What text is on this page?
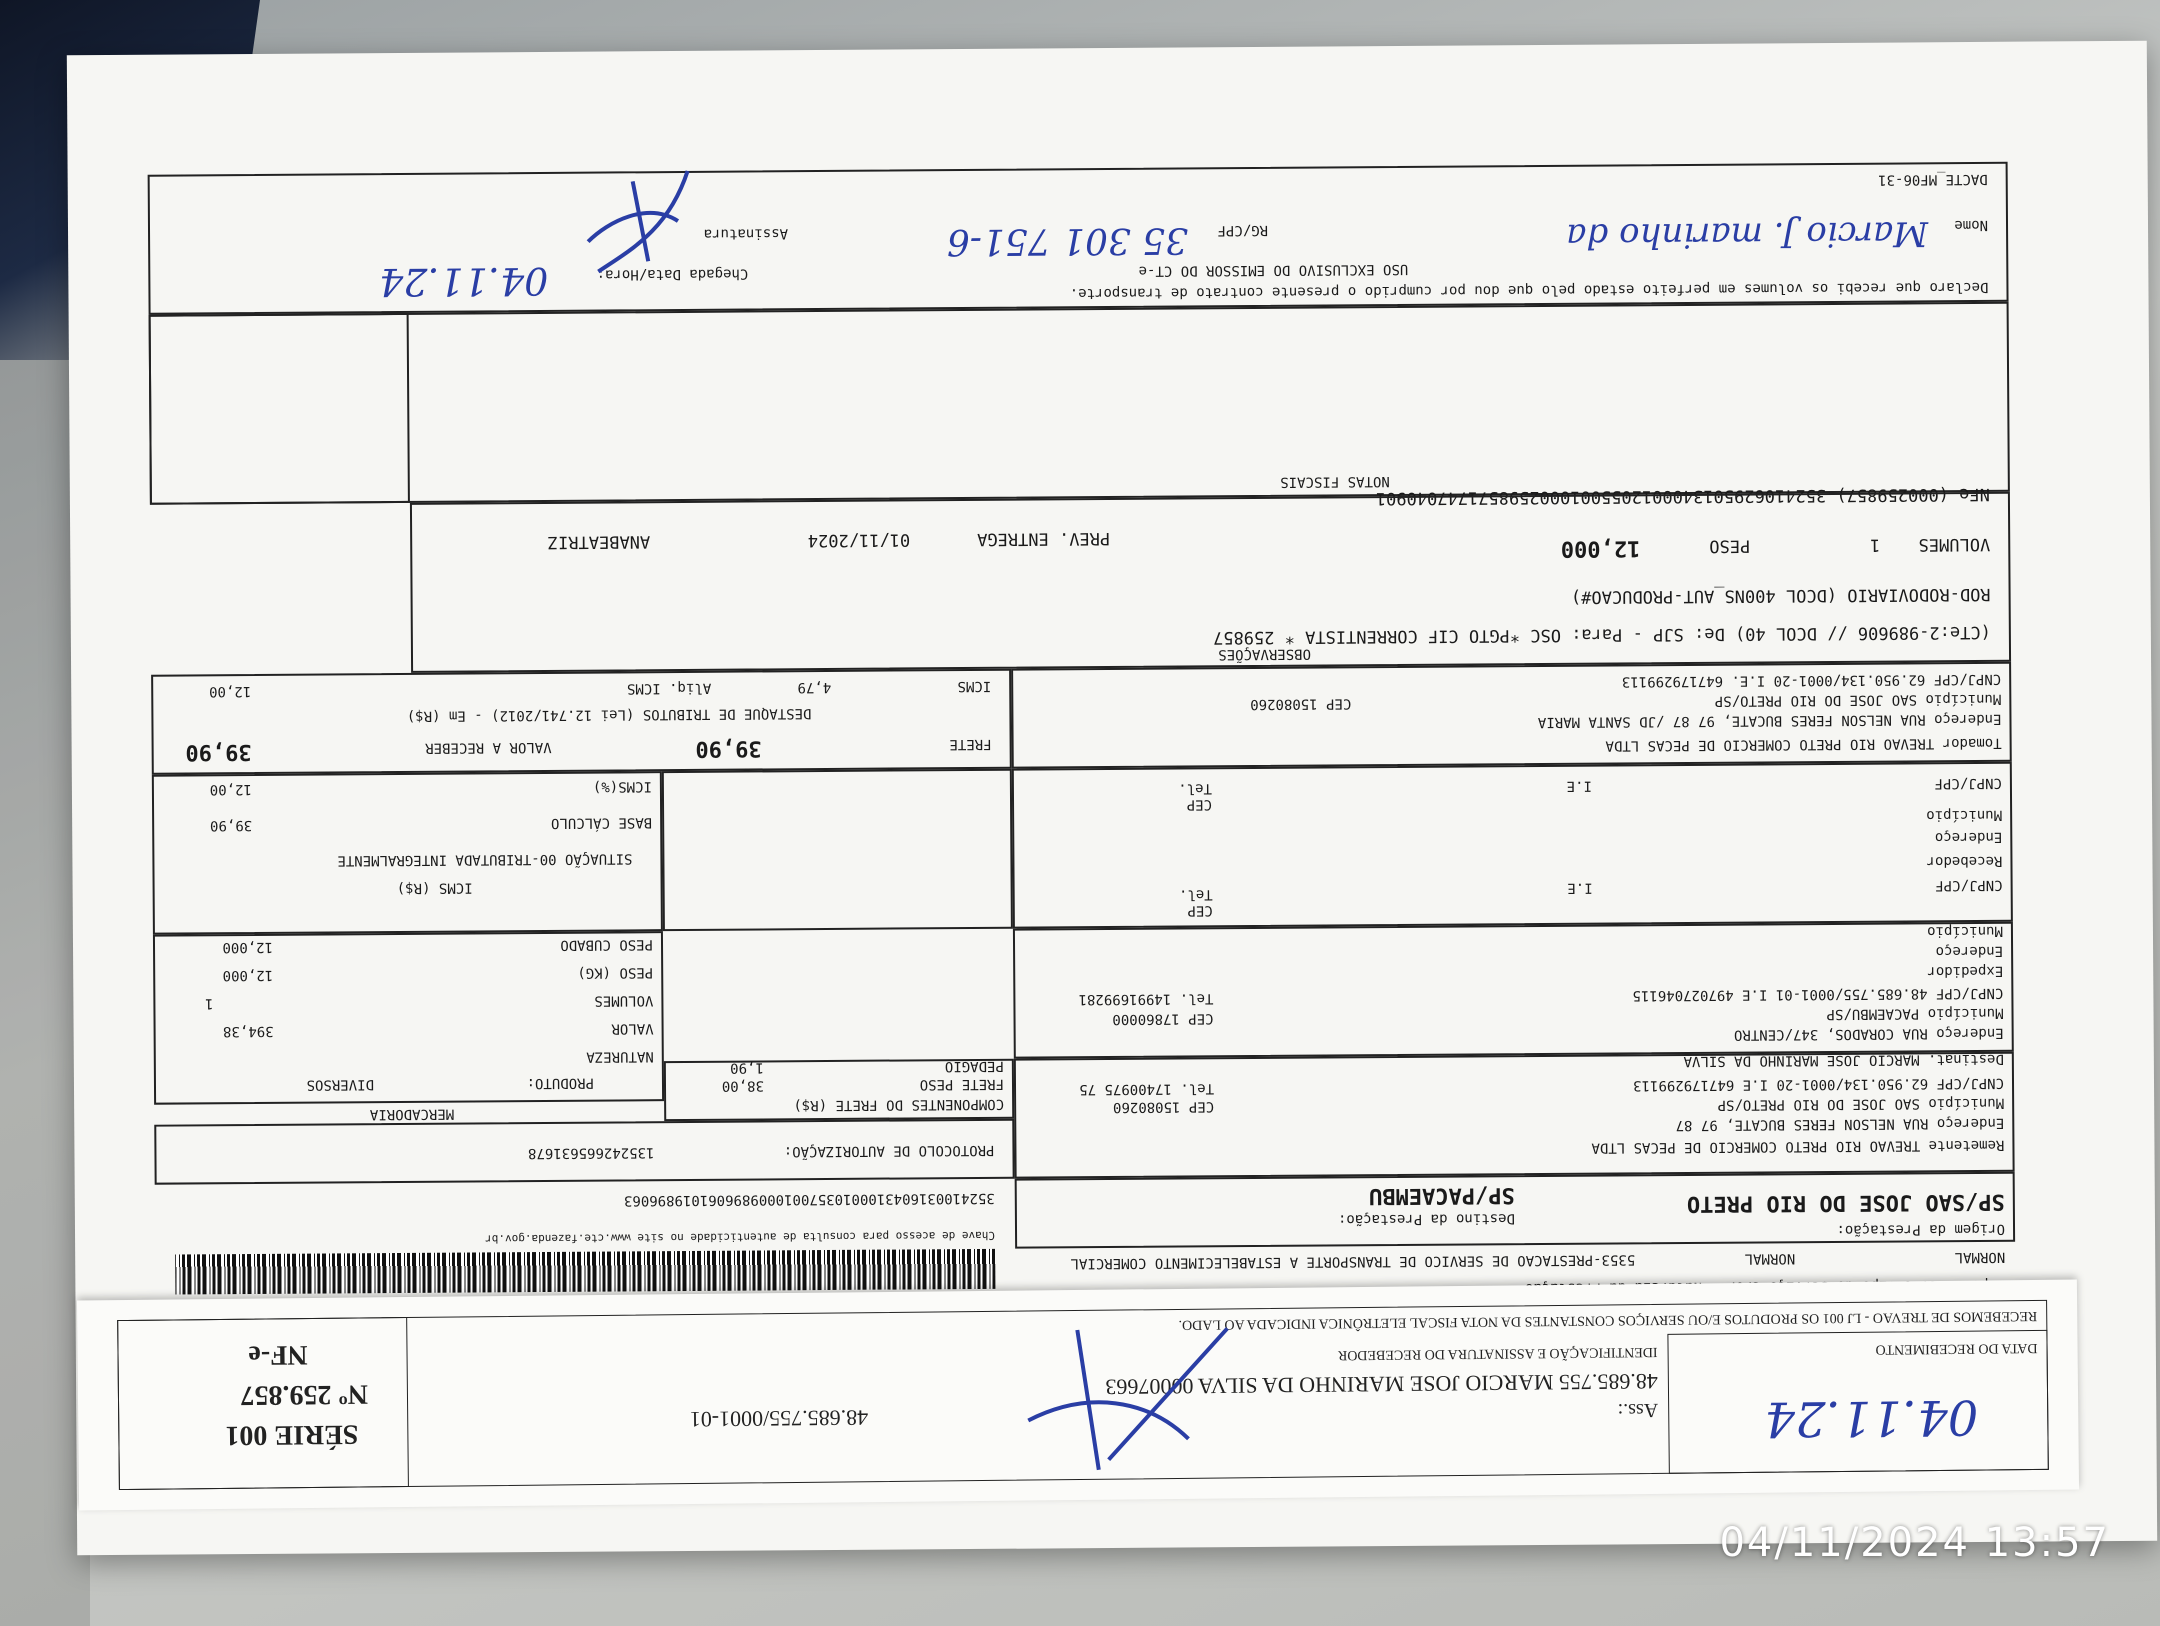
DACTE_MF06-31
Declaro que recebi os volumes em perfeito estado pelo que dou por cumprido o presente contrato de transporte.
USO EXCLUSIVO DO EMISSOR DO CT-e
Nome
Marcio J. marinho da
RG/CPF
35 301 751-6
Chegada Data/Hora:
04.11.24
Assinatura
NOTAS FISCAIS
NFe (000259857) 35241062950134000120550010002598571747040901
VOLUMES
1
PESO
12,000
PREV. ENTREGA
01/11/2024
ANABEATRIZ
ROD-RODOVIARIO (DCOL 400NS_AUT-PRODUCAO#)
(CTe:2-989606 // DCOL 40) De: SJP - Para: OSC *PGTO CIF CORRENTISTA * 259857
OBSERVAÇÕES
CNPJ/CPF 62.950.134/0001-20 I.E. 647179299113
Município SAO JOSE DO RIO PRETO/SP
CEP 15080260
Endereço RUA NELSON FERES BUCATE, 97 87 /JD SANTA MARIA
Tomador TREVAO RIO PRETO COMERCIO DE PECAS LTDA
ICMS
4,79
Aliq. ICMS
12,00
DESTAQUE DE TRIBUTOS (Lei 12.741/2012) - Em (R$)
FRETE
39,90
VALOR A RECEBER
39,90
CNPJ/CPF
I.E
Tel.
CEP
Município
Endereço
Recebedor
CNPJ/CPF
I.E
Tel.
CEP
ICMS(%)
12,00
BASE CÁLCULO
39,90
SITUAÇÃO 00-TRIBUTADA INTEGRALMENTE
ICMS (R$)
Município
Endereço
Expedidor
CNPJ/CPF 48.685.755/0001-01 I.E 497027046115
Tel. 14991699281
CEP 17860000	Município PACAEMBU/SP
Endereço RUA CORADOS, 347/CENTRO
PESO CUBADO
12,000
PESO (KG)
12,000
VOLUMES
1
VALOR
394,38
NATUREZA
PRODUTO:
DIVERSOS
MERCADORIA
Destinat. MARCIO JOSE MARINHO DA SILVA
CNPJ/CPF 62.950.134/0001-20 I.E 647179299113
Tel. 17400975 75
CEP 15080260	Município SAO JOSE DO RIO PRETO/SP
Endereço RUA NELSON FERES BUCATE, 97 87
Remetente TREVAO RIO PRETO COMERCIO DE PECAS LTDA
PEDAGIO
1,90
FRETE PESO
38,00
COMPONENTES DO FRETE (R$)
PROTOCOLO DE AUTORIZAÇÃO:
135242665631678
SP/SAO JOSE DO RIO PRETO
Origem da Prestação:
SP/PACAEMBU
Destino da Prestação:
35241003160431000103570010009896061019896063
Chave de acesso para consulta de autenticidade no site www.cte.fazenda.gov.br
NORMAL
NORMAL
5353-PRESTACAO DE SERVICO DE TRANSPORTE A ESTABELECIMENTO COMERCIAL
RECEBEMOS DE TREVAO - LJ 001 OS PRODUTOS E/OU SERVIÇOS CONSTANTES DA NOTA FISCAL ELETRÔNICA INDICADA AO LADO.
DATA DO RECEBIMENTO
04.11.24
IDENTIFICAÇÃO E ASSINATURA DO RECEBEDOR
48.685.755 MARCIO JOSE MARINHO DA SILVA 00007663
Ass.:
48.685.755/0001-01
NF-e
Nº 259.857
SÉRIE 001
04/11/2024 13:57
